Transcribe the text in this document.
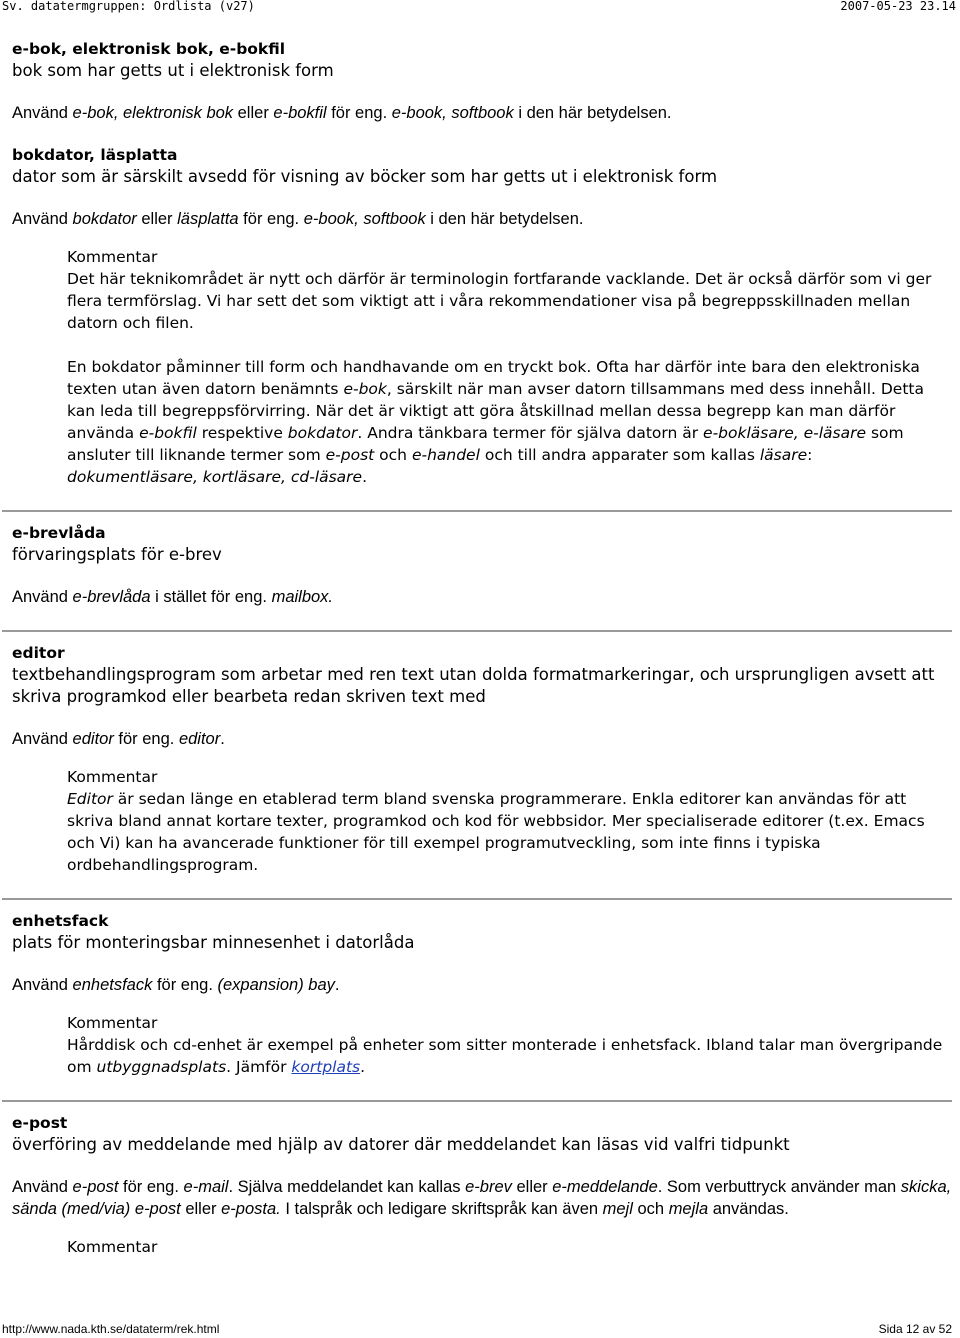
Sv. datatermgruppen: Ordlista (v27)	2007-05-23 23.14
e-bok, elektronisk bok, e-bokfil
bok som har getts ut i elektronisk form
Använd e-bok, elektronisk bok eller e-bokfil för eng. e-book, softbook i den här betydelsen.
bokdator, läsplatta
dator som är särskilt avsedd för visning av böcker som har getts ut i elektronisk form
Använd bokdator eller läsplatta för eng. e-book, softbook i den här betydelsen.
Kommentar

Det här teknikområdet är nytt och därför är terminologin fortfarande vacklande. Det är också därför som vi ger flera termförslag. Vi har sett det som viktigt att i våra rekommendationer visa på begreppsskillnaden mellan datorn och filen.

En bokdator påminner till form och handhavande om en tryckt bok. Ofta har därför inte bara den elektroniska texten utan även datorn benämnts e-bok, särskilt när man avser datorn tillsammans med dess innehåll. Detta kan leda till begreppsförvirring. När det är viktigt att göra åtskillnad mellan dessa begrepp kan man därför använda e-bokfil respektive bokdator. Andra tänkbara termer för själva datorn är e-bokläsare, e-läsare som ansluter till liknande termer som e-post och e-handel och till andra apparater som kallas läsare: dokumentläsare, kortläsare, cd-läsare.

e-brevlåda
förvaringsplats för e-brev
Använd e-brevlåda i stället för eng. mailbox.
editor
textbehandlingsprogram som arbetar med ren text utan dolda formatmarkeringar, och ursprungligen avsett att skriva programkod eller bearbeta redan skriven text med
Använd editor för eng. editor.
Kommentar

Editor är sedan länge en etablerad term bland svenska programmerare. Enkla editorer kan användas för att skriva bland annat kortare texter, programkod och kod för webbsidor. Mer specialiserade editorer (t.ex. Emacs och Vi) kan ha avancerade funktioner för till exempel programutveckling, som inte finns i typiska ordbehandlingsprogram.

enhetsfack
plats för monteringsbar minnesenhet i datorlåda
Använd enhetsfack för eng. (expansion) bay.
Kommentar

Hårddisk och cd-enhet är exempel på enheter som sitter monterade i enhetsfack. Ibland talar man övergripande om utbyggnadsplats. Jämför kortplats.

e-post
överföring av meddelande med hjälp av datorer där meddelandet kan läsas vid valfri tidpunkt
Använd e-post för eng. e-mail. Själva meddelandet kan kallas e-brev eller e-meddelande. Som verbuttryck använder man skicka, sända (med/via) e-post eller e-posta. I talspråk och ledigare skriftspråk kan även mejl och mejla användas.
Kommentar
http://www.nada.kth.se/dataterm/rek.html	Sida 12 av 52
